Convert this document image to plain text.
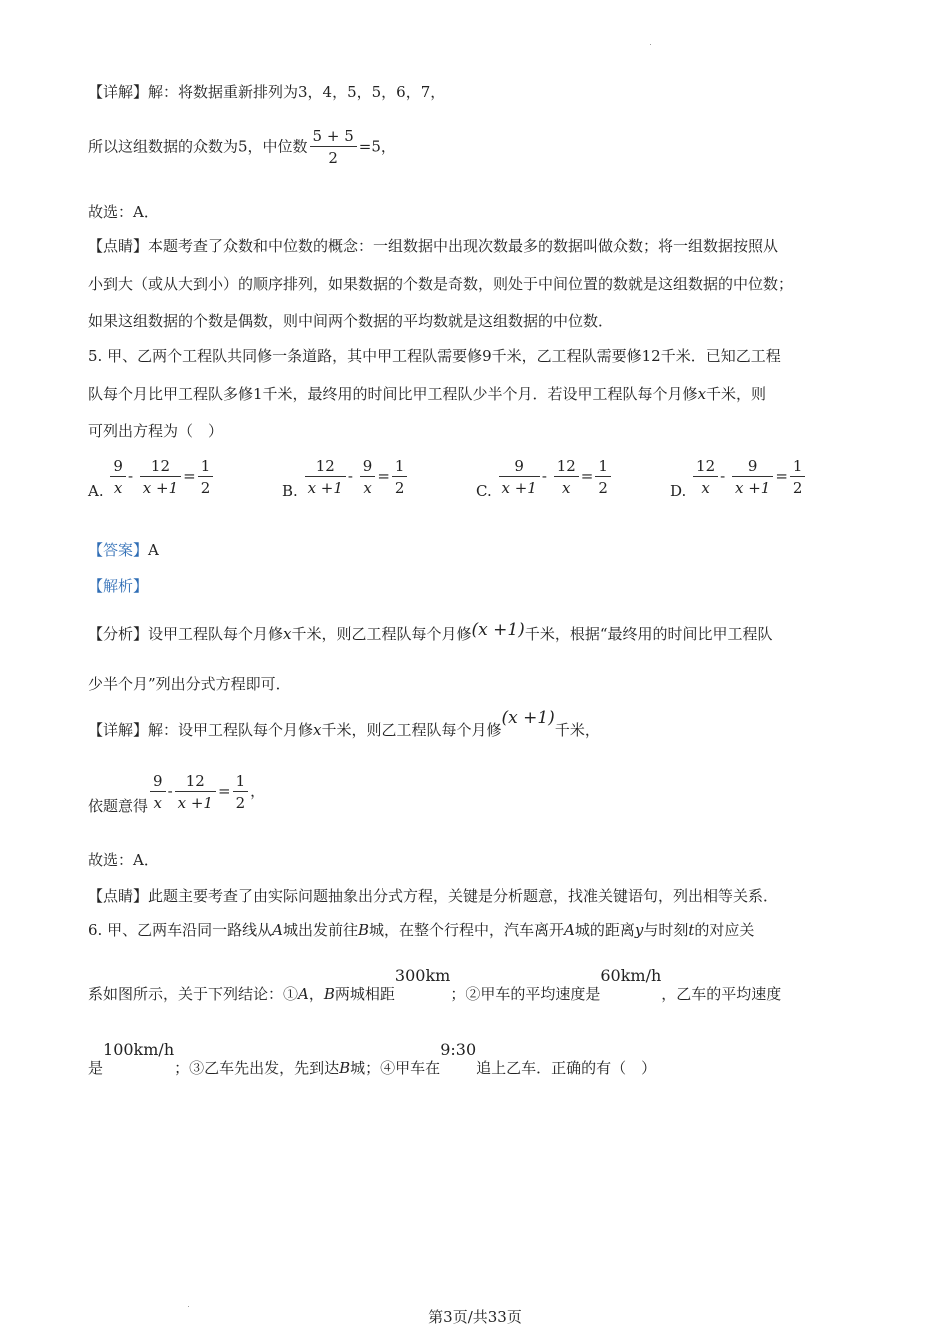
【详解】解：将数据重新排列为3，4，5，5，6，7，
所以这组数据的众数为5，中位数 $\frac{5 + 5}{2} =5$，
故选：A．
【点睛】本题考查了众数和中位数的概念：一组数据中出现次数最多的数据叫做众数；将一组数据按照从
小到大（或从大到小）的顺序排列，如果数据的个数是奇数，则处于中间位置的数就是这组数据的中位数；
如果这组数据的个数是偶数，则中间两个数据的平均数就是这组数据的中位数．
5. 甲、乙两个工程队共同修一条道路，其中甲工程队需要修9千米，乙工程队需要修12千米．已知乙工程
队每个月比甲工程队多修1千米，最终用的时间比甲工程队少半个月．若设甲工程队每个月修x千米，则
可列出方程为（　）
A. $\frac{9}{x} - \frac{12}{x +1} = \frac{1}{2}$	B. $\frac{12}{x +1} - \frac{9}{x} = \frac{1}{2}$	C. $\frac{9}{x +1} - \frac{12}{x} = \frac{1}{2}$	D. $\frac{12}{x} - \frac{9}{x +1} = \frac{1}{2}$
【答案】A
【解析】
【分析】设甲工程队每个月修x千米，则乙工程队每个月修(x +1)千米，根据“最终用的时间比甲工程队
少半个月”列出分式方程即可．
【详解】解：设甲工程队每个月修x千米，则乙工程队每个月修(x +1)千米，
依题意得 $\frac{9}{x} - \frac{12}{x +1} = \frac{1}{2}$ ，
故选：A．
【点睛】此题主要考查了由实际问题抽象出分式方程，关键是分析题意，找准关键语句，列出相等关系．
6. 甲、乙两车沿同一路线从A城出发前往B城，在整个行程中，汽车离开A城的距离y与时刻t的对应关
系如图所示，关于下列结论：①A，B两城相距300km；②甲车的平均速度是60km/h，乙车的平均速度
是100km/h；③乙车先出发，先到达B城；④甲车在9:30追上乙车．正确的有（　）
第3页/共33页
